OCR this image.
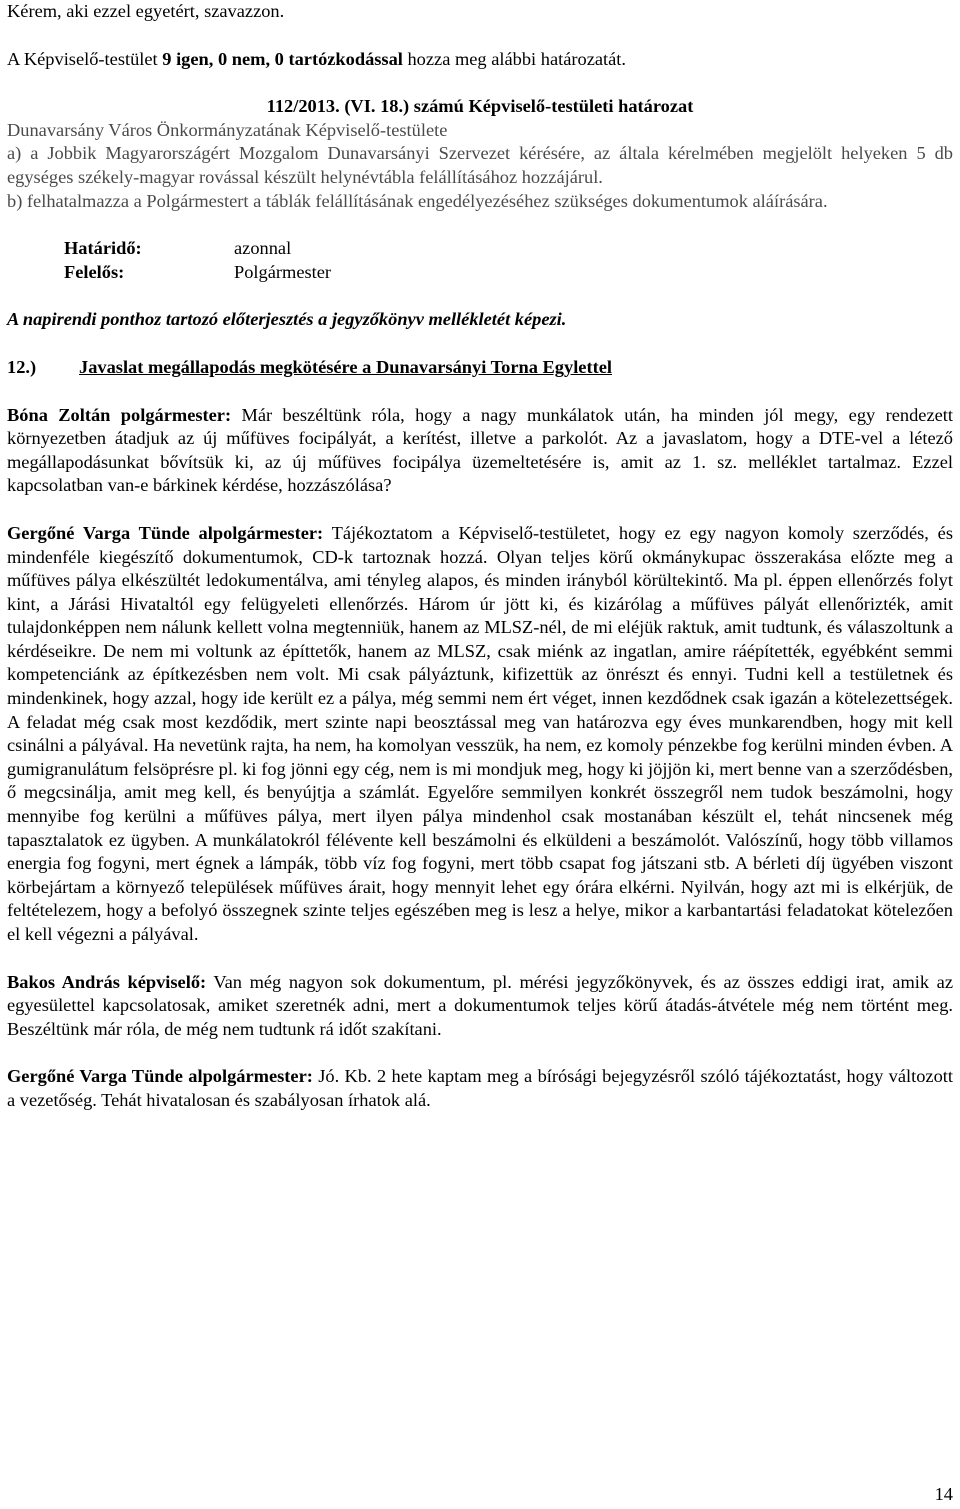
Kérem, aki ezzel egyetért, szavazzon.

A Képviselő-testület 9 igen, 0 nem, 0 tartózkodással hozza meg alábbi határozatát.

112/2013. (VI. 18.) számú Képviselő-testületi határozat

Dunavarsány Város Önkormányzatának Képviselő-testülete

a) a Jobbik Magyarországért Mozgalom Dunavarsányi Szervezet kérésére, az általa kérelmében megjelölt helyeken 5 db egységes székely-magyar rovással készült helynévtábla felállításához hozzájárul.

b) felhatalmazza a Polgármestert a táblák felállításának engedélyezéséhez szükséges dokumentumok aláírására.

Határidő:	azonnal
Felelős:	Polgármester

A napirendi ponthoz tartozó előterjesztés a jegyzőkönyv mellékletét képezi.

12.) Javaslat megállapodás megkötésére a Dunavarsányi Torna Egylettel

Bóna Zoltán polgármester: Már beszéltünk róla, hogy a nagy munkálatok után, ha minden jól megy, egy rendezett környezetben átadjuk az új műfüves focipályát, a kerítést, illetve a parkolót. Az a javaslatom, hogy a DTE-vel a létező megállapodásunkat bővítsük ki, az új műfüves focipálya üzemeltetésére is, amit az 1. sz. melléklet tartalmaz. Ezzel kapcsolatban van-e bárkinek kérdése, hozzászólása?

Gergőné Varga Tünde alpolgármester: Tájékoztatom a Képviselő-testületet, hogy ez egy nagyon komoly szerződés, és mindenféle kiegészítő dokumentumok, CD-k tartoznak hozzá. Olyan teljes körű okmánykupac összerakása előzte meg a műfüves pálya elkészültét ledokumentálva, ami tényleg alapos, és minden irányból körültekintő. Ma pl. éppen ellenőrzés folyt kint, a Járási Hivataltól egy felügyeleti ellenőrzés. Három úr jött ki, és kizárólag a műfüves pályát ellenőrizték, amit tulajdonképpen nem nálunk kellett volna megtenniük, hanem az MLSZ-nél, de mi eléjük raktuk, amit tudtunk, és válaszoltunk a kérdéseikre. De nem mi voltunk az építtetők, hanem az MLSZ, csak miénk az ingatlan, amire ráépítették, egyébként semmi kompetenciánk az építkezésben nem volt. Mi csak pályáztunk, kifizettük az önrészt és ennyi. Tudni kell a testületnek és mindenkinek, hogy azzal, hogy ide került ez a pálya, még semmi nem ért véget, innen kezdődnek csak igazán a kötelezettségek. A feladat még csak most kezdődik, mert szinte napi beosztással meg van határozva egy éves munkarendben, hogy mit kell csinálni a pályával. Ha nevetünk rajta, ha nem, ha komolyan vesszük, ha nem, ez komoly pénzekbe fog kerülni minden évben. A gumigranulátum felsöprésre pl. ki fog jönni egy cég, nem is mi mondjuk meg, hogy ki jöjjön ki, mert benne van a szerződésben, ő megcsinálja, amit meg kell, és benyújtja a számlát. Egyelőre semmilyen konkrét összegről nem tudok beszámolni, hogy mennyibe fog kerülni a műfüves pálya, mert ilyen pálya mindenhol csak mostanában készült el, tehát nincsenek még tapasztalatok ez ügyben. A munkálatokról félévente kell beszámolni és elküldeni a beszámolót. Valószínű, hogy több villamos energia fog fogyni, mert égnek a lámpák, több víz fog fogyni, mert több csapat fog játszani stb. A bérleti díj ügyében viszont körbejártam a környező települések műfüves árait, hogy mennyit lehet egy órára elkérni. Nyilván, hogy azt mi is elkérjük, de feltételezem, hogy a befolyó összegnek szinte teljes egészében meg is lesz a helye, mikor a karbantartási feladatokat kötelezően el kell végezni a pályával.

Bakos András képviselő: Van még nagyon sok dokumentum, pl. mérési jegyzőkönyvek, és az összes eddigi irat, amik az egyesülettel kapcsolatosak, amiket szeretnék adni, mert a dokumentumok teljes körű átadás-átvétele még nem történt meg. Beszéltünk már róla, de még nem tudtunk rá időt szakítani.

Gergőné Varga Tünde alpolgármester: Jó. Kb. 2 hete kaptam meg a bírósági bejegyzésről szóló tájékoztatást, hogy változott a vezetőség. Tehát hivatalosan és szabályosan írhatok alá.

14
